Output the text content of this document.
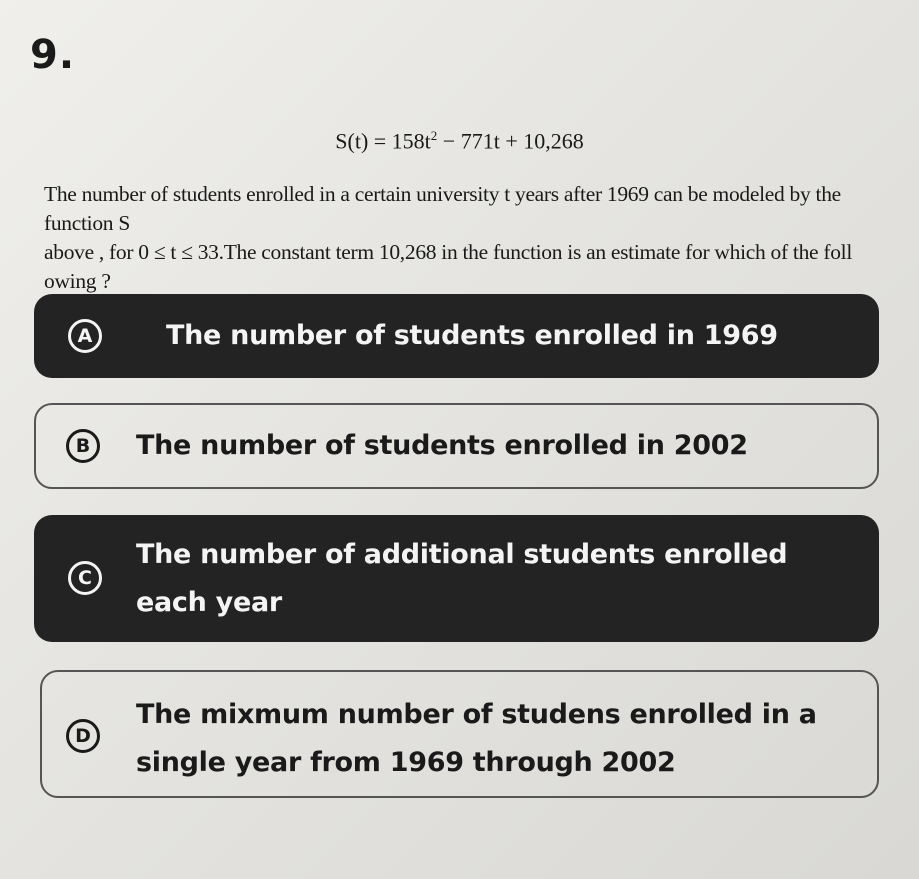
9.
$S(t) = 158t^2 - 771t + 10,268$
The number of students enrolled in a certain university t years after 1969 can be modeled by the function S
above , for 0 ≤ t ≤ 33.The constant term 10,268 in the function is an estimate for which of the foll owing ?
A	The number of students enrolled in 1969
B	The number of students enrolled in 2002
C
The number of additional students enrolled
each year
D
The mixmum number of studens enrolled in a
single year from 1969 through 2002
